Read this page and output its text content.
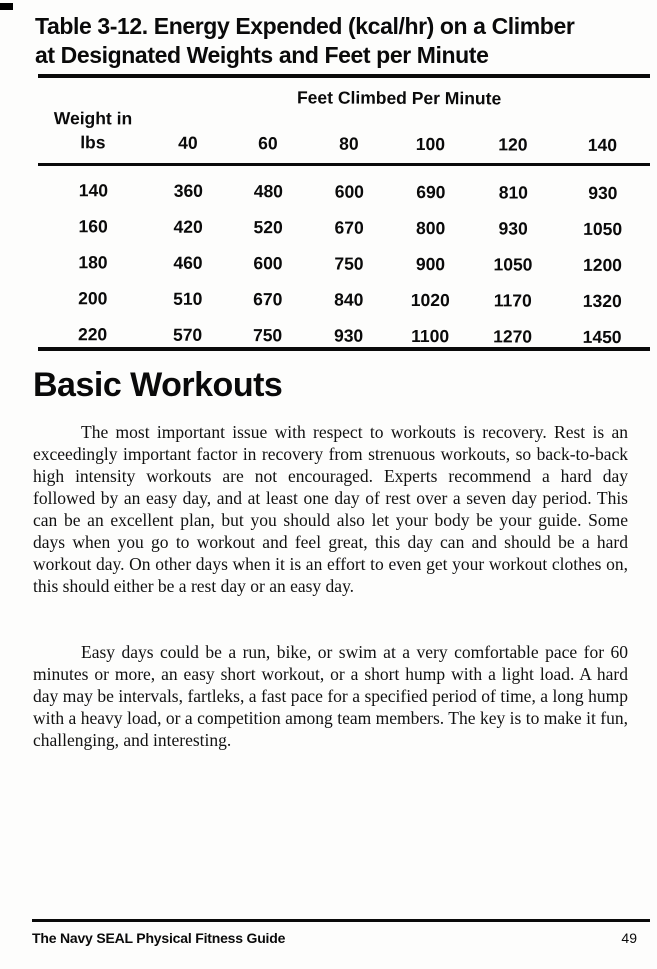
Table 3-12. Energy Expended (kcal/hr) on a Climber
at Designated Weights and Feet per Minute
Feet Climbed Per Minute
Weight in
lbs	40	60	80	100	120	140
140	360	480	600	690	810	930
160	420	520	670	800	930	1050
180	460	600	750	900	1050	1200
200	510	670	840	1020	1170	1320
220	570	750	930	1100	1270	1450
Basic Workouts

The most important issue with respect to workouts is recovery. Rest is an exceedingly important factor in recovery from strenuous workouts, so back-to-back high intensity workouts are not encouraged. Experts recommend a hard day followed by an easy day, and at least one day of rest over a seven day period. This can be an excellent plan, but you should also let your body be your guide. Some days when you go to workout and feel great, this day can and should be a hard workout day. On other days when it is an effort to even get your workout clothes on, this should either be a rest day or an easy day.

Easy days could be a run, bike, or swim at a very comfortable pace for 60 minutes or more, an easy short workout, or a short hump with a light load. A hard day may be intervals, fartleks, a fast pace for a specified period of time, a long hump with a heavy load, or a competition among team members. The key is to make it fun, challenging, and interesting.

The Navy SEAL Physical Fitness Guide	49
